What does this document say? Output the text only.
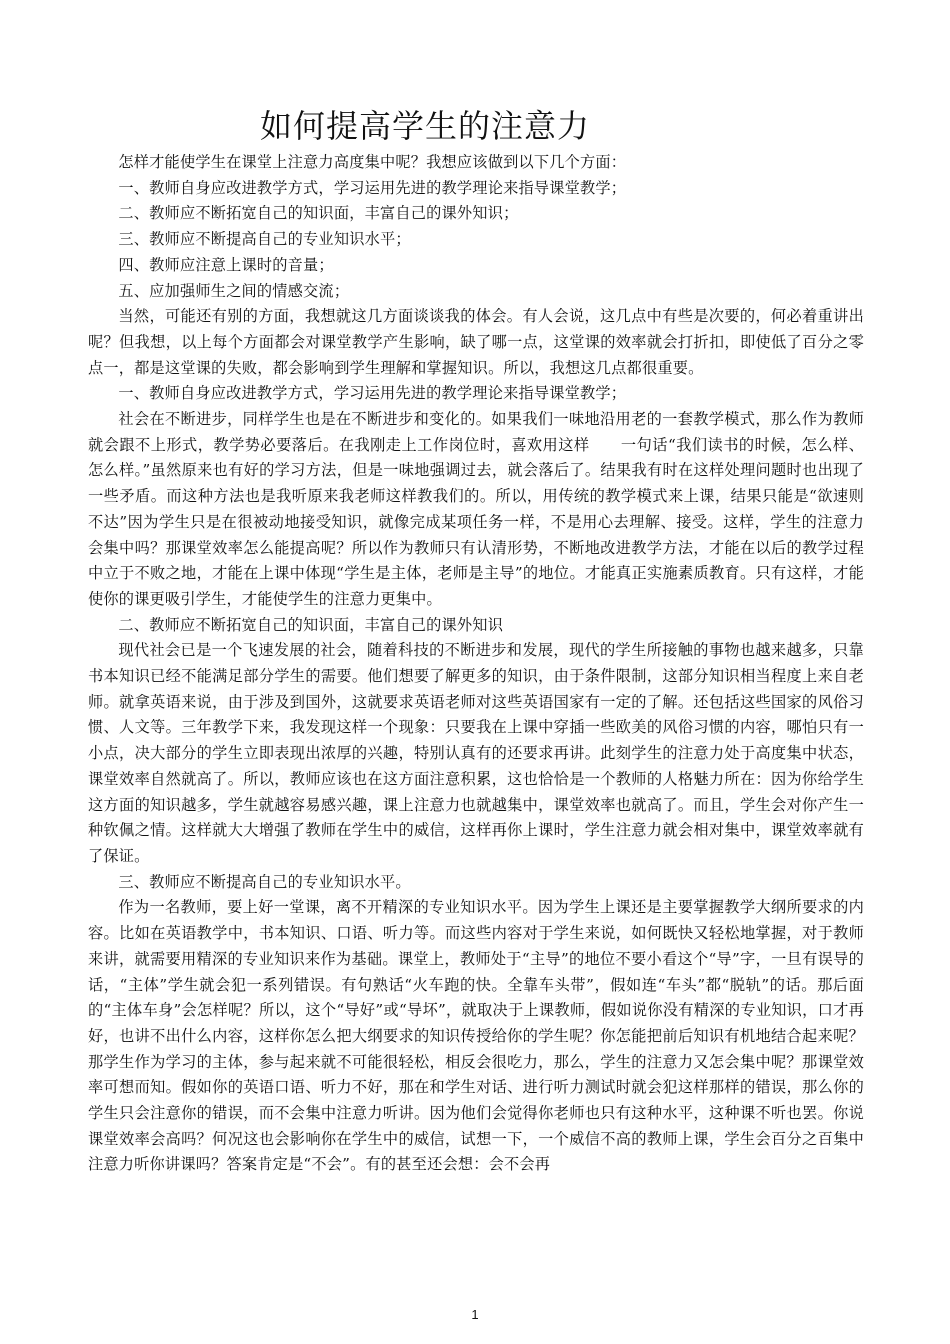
如何提高学生的注意力

怎样才能使学生在课堂上注意力高度集中呢？我想应该做到以下几个方面：

一、教师自身应改进教学方式，学习运用先进的教学理论来指导课堂教学；

二、教师应不断拓宽自己的知识面，丰富自己的课外知识；

三、教师应不断提高自己的专业知识水平；

四、教师应注意上课时的音量；

五、应加强师生之间的情感交流；

当然，可能还有别的方面，我想就这几方面谈谈我的体会。有人会说，这几点中有些是次要的，何必着重讲出呢？但我想，以上每个方面都会对课堂教学产生影响，缺了哪一点，这堂课的效率就会打折扣，即使低了百分之零点一，都是这堂课的失败，都会影响到学生理解和掌握知识。所以，我想这几点都很重要。

一、教师自身应改进教学方式，学习运用先进的教学理论来指导课堂教学；

社会在不断进步，同样学生也是在不断进步和变化的。如果我们一味地沿用老的一套教学模式，那么作为教师就会跟不上形式，教学势必要落后。在我刚走上工作岗位时，喜欢用这样　　一句话“我们读书的时候，怎么样、怎么样。”虽然原来也有好的学习方法，但是一味地强调过去，就会落后了。结果我有时在这样处理问题时也出现了一些矛盾。而这种方法也是我听原来我老师这样教我们的。所以，用传统的教学模式来上课，结果只能是“欲速则不达”因为学生只是在很被动地接受知识，就像完成某项任务一样，不是用心去理解、接受。这样，学生的注意力会集中吗？那课堂效率怎么能提高呢？所以作为教师只有认清形势，不断地改进教学方法，才能在以后的教学过程中立于不败之地，才能在上课中体现“学生是主体，老师是主导”的地位。才能真正实施素质教育。只有这样，才能使你的课更吸引学生，才能使学生的注意力更集中。

二、教师应不断拓宽自己的知识面，丰富自己的课外知识

现代社会已是一个飞速发展的社会，随着科技的不断进步和发展，现代的学生所接触的事物也越来越多，只靠书本知识已经不能满足部分学生的需要。他们想要了解更多的知识，由于条件限制，这部分知识相当程度上来自老师。就拿英语来说，由于涉及到国外，这就要求英语老师对这些英语国家有一定的了解。还包括这些国家的风俗习惯、人文等。三年教学下来，我发现这样一个现象：只要我在上课中穿插一些欧美的风俗习惯的内容，哪怕只有一小点，决大部分的学生立即表现出浓厚的兴趣，特别认真有的还要求再讲。此刻学生的注意力处于高度集中状态，课堂效率自然就高了。所以，教师应该也在这方面注意积累，这也恰恰是一个教师的人格魅力所在：因为你给学生这方面的知识越多，学生就越容易感兴趣，课上注意力也就越集中，课堂效率也就高了。而且，学生会对你产生一种钦佩之情。这样就大大增强了教师在学生中的威信，这样再你上课时，学生注意力就会相对集中，课堂效率就有了保证。

三、教师应不断提高自己的专业知识水平。

作为一名教师，要上好一堂课，离不开精深的专业知识水平。因为学生上课还是主要掌握教学大纲所要求的内容。比如在英语教学中，书本知识、口语、听力等。而这些内容对于学生来说，如何既快又轻松地掌握，对于教师来讲，就需要用精深的专业知识来作为基础。课堂上，教师处于“主导”的地位不要小看这个“导”字，一旦有误导的话，“主体”学生就会犯一系列错误。有句熟话“火车跑的快。全靠车头带”，假如连“车头”都“脱轨”的话。那后面的“主体车身”会怎样呢？所以，这个“导好”或“导坏”，就取决于上课教师，假如说你没有精深的专业知识，口才再好，也讲不出什么内容，这样你怎么把大纲要求的知识传授给你的学生呢？你怎能把前后知识有机地结合起来呢？那学生作为学习的主体，参与起来就不可能很轻松，相反会很吃力，那么，学生的注意力又怎会集中呢？那课堂效率可想而知。假如你的英语口语、听力不好，那在和学生对话、进行听力测试时就会犯这样那样的错误，那么你的学生只会注意你的错误，而不会集中注意力听讲。因为他们会觉得你老师也只有这种水平，这种课不听也罢。你说课堂效率会高吗？何况这也会影响你在学生中的威信，试想一下，一个威信不高的教师上课，学生会百分之百集中注意力听你讲课吗？答案肯定是“不会”。有的甚至还会想：会不会再

1
